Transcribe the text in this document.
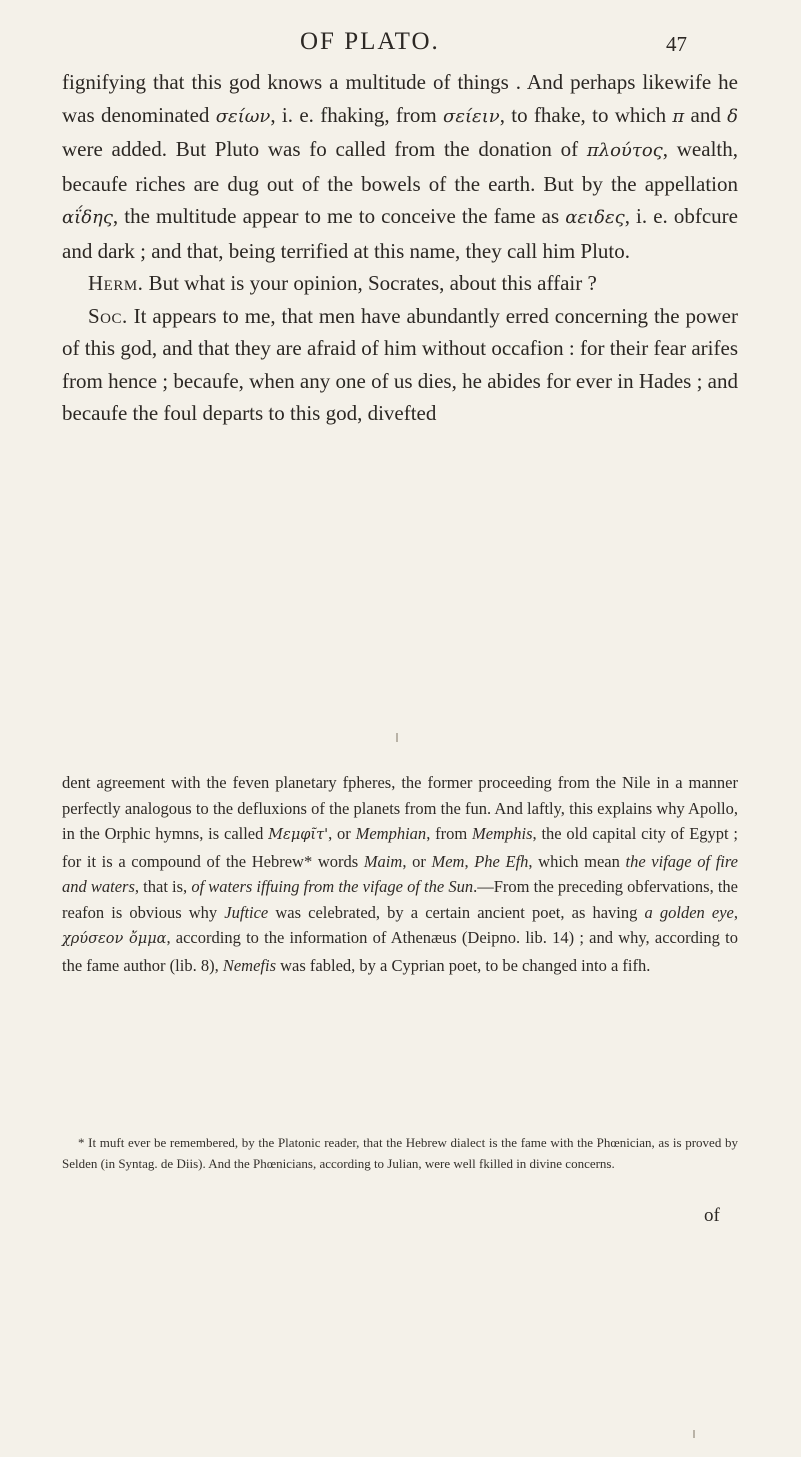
OF PLATO.	47

fignifying that this god knows a multitude of things . And perhaps likewife he was denominated σείων, i. e. fhaking, from σείειν, to fhake, to which π and δ were added. But Pluto was fo called from the donation of πλούτος, wealth, becaufe riches are dug out of the bowels of the earth. But by the appellation αΐδης, the multitude appear to me to conceive the fame as αειδες, i. e. obfcure and dark ; and that, being terrified at this name, they call him Pluto.

Herm. But what is your opinion, Socrates, about this affair ?

Soc. It appears to me, that men have abundantly erred concerning the power of this god, and that they are afraid of him without occafion : for their fear arifes from hence ; becaufe, when any one of us dies, he abides for ever in Hades ; and becaufe the foul departs to this god, divefted

dent agreement with the feven planetary fpheres, the former proceeding from the Nile in a manner perfectly analogous to the defluxions of the planets from the fun. And laftly, this explains why Apollo, in the Orphic hymns, is called Μεμφῖτ', or Memphian, from Memphis, the old capital city of Egypt ; for it is a compound of the Hebrew* words Maim, or Mem, Phe Efh, which mean the vifage of fire and waters, that is, of waters iffuing from the vifage of the Sun.—From the preceding obfervations, the reafon is obvious why Juftice was celebrated, by a certain ancient poet, as having a golden eye, χρύσεον ὄμμα, according to the information of Athenæus (Deipno. lib. 14) ; and why, according to the fame author (lib. 8), Nemefis was fabled, by a Cyprian poet, to be changed into a fifh.

* It muft ever be remembered, by the Platonic reader, that the Hebrew dialect is the fame with the Phœnician, as is proved by Selden (in Syntag. de Diis). And the Phœnicians, according to Julian, were well fkilled in divine concerns.

of
